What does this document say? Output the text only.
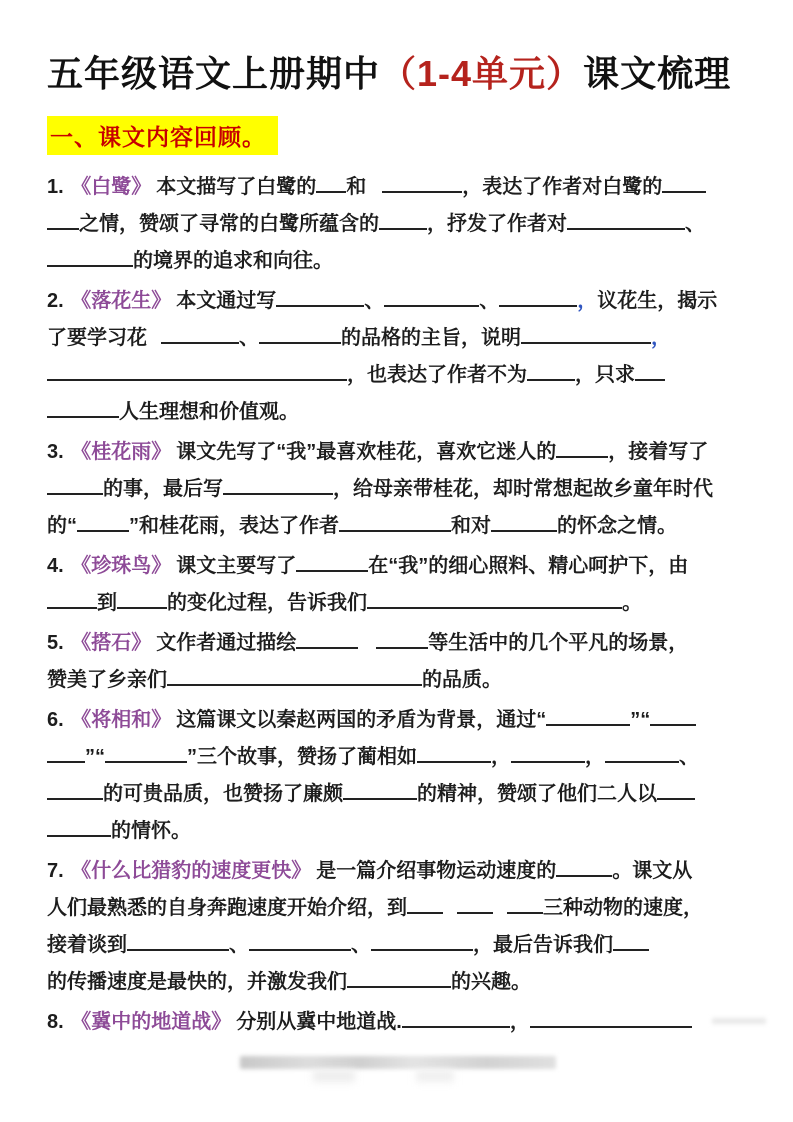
五年级语文上册期中（1-4单元）课文梳理
一、课文内容回顾。
1. 《白鹭》 本文描写了白鹭的 和	，表达了作者对白鹭的
之情，赞颂了寻常的白鹭所蕴含的 ，抒发了作者对	、
的境界的追求和向往。
2. 《落花生》 本文通过写	、	、	，议花生，揭示
了要学习花	、	的品格的主旨，说明	，
，也表达了作者不为 ，只求
人生理想和价值观。
3. 《桂花雨》 课文先写了“我”最喜欢桂花，喜欢它迷人的	，接着写了
的事，最后写	，给母亲带桂花，却时常想起故乡童年时代
的“	”和桂花雨，表达了作者	和对	的怀念之情。
4. 《珍珠鸟》 课文主要写了	在“我”的细心照料、精心呵护下，由
到	的变化过程，告诉我们	。
5. 《搭石》 文作者通过描绘	等生活中的几个平凡的场景，
赞美了乡亲们	的品质。
6. 《将相和》 这篇课文以秦赵两国的矛盾为背景，通过“	”“
”“	”三个故事，赞扬了蔺相如	，	，	、
的可贵品质，也赞扬了廉颇	的精神，赞颂了他们二人以
的情怀。
7. 《什么比猎豹的速度更快》 是一篇介绍事物运动速度的	。课文从
人们最熟悉的自身奔跑速度开始介绍，到	三种动物的速度，
接着谈到	、	、	，最后告诉我们
的传播速度是最快的，并激发我们	的兴趣。
8. 《冀中的地道战》 分别从冀中地道战.	，
